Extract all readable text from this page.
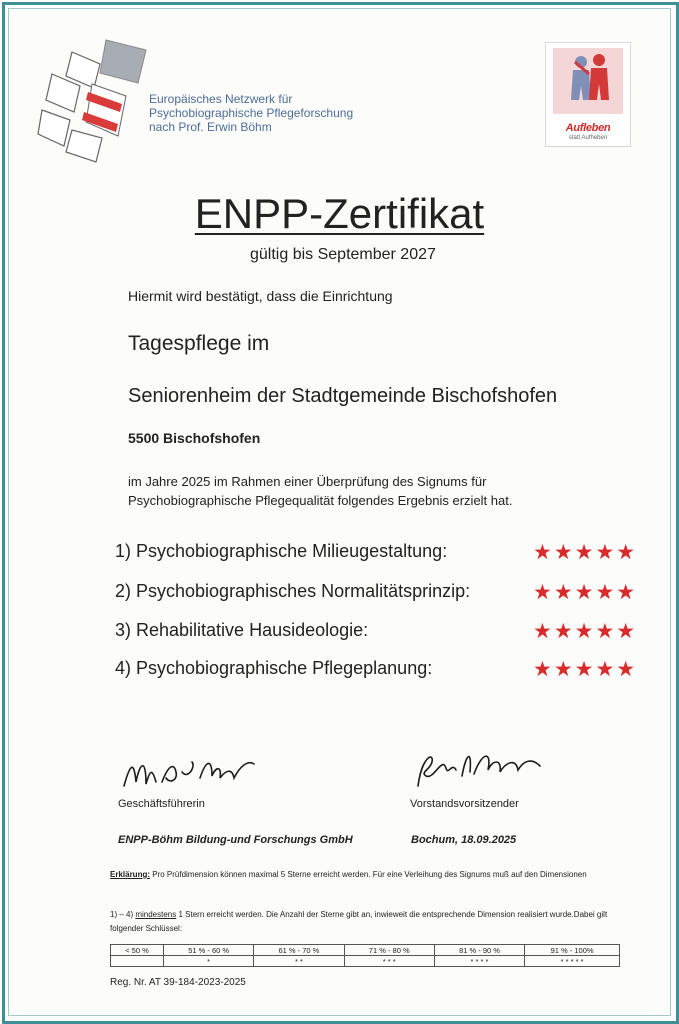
Europäisches Netzwerk für
Psychobiographische Pflegeforschung
nach Prof. Erwin Böhm	Aufleben
statt Aufheben
ENPP-Zertifikat
gültig bis September 2027
Hiermit wird bestätigt, dass die Einrichtung
Tagespflege im
Seniorenheim der Stadtgemeinde Bischofshofen
5500 Bischofshofen
im Jahre 2025 im Rahmen einer Überprüfung des Signums für
Psychobiographische Pflegequalität folgendes Ergebnis erzielt hat.
1) Psychobiographische Milieugestaltung:	★★★★★
2) Psychobiographisches Normalitätsprinzip:	★★★★★
3) Rehabilitative Hausideologie:	★★★★★
4) Psychobiographische Pflegeplanung:	★★★★★
Geschäftsführerin	Vorstandsvorsitzender
ENPP-Böhm Bildung-und Forschungs GmbH	Bochum, 18.09.2025
Erklärung: Pro Prüfdimension können maximal 5 Sterne erreicht werden. Für eine Verleihung des Signums muß auf den Dimensionen
1) – 4) mindestens 1 Stern erreicht werden. Die Anzahl der Sterne gibt an, inwieweit die entsprechende Dimension realisiert wurde.Dabei gilt folgender Schlüssel:
< 50 %	51 % - 60 %	61 % - 70 %	71 % - 80 %	81 % - 90 %	91 % - 100%
	*	* *	* * *	* * * *	* * * * *
Reg. Nr. AT 39-184-2023-2025
